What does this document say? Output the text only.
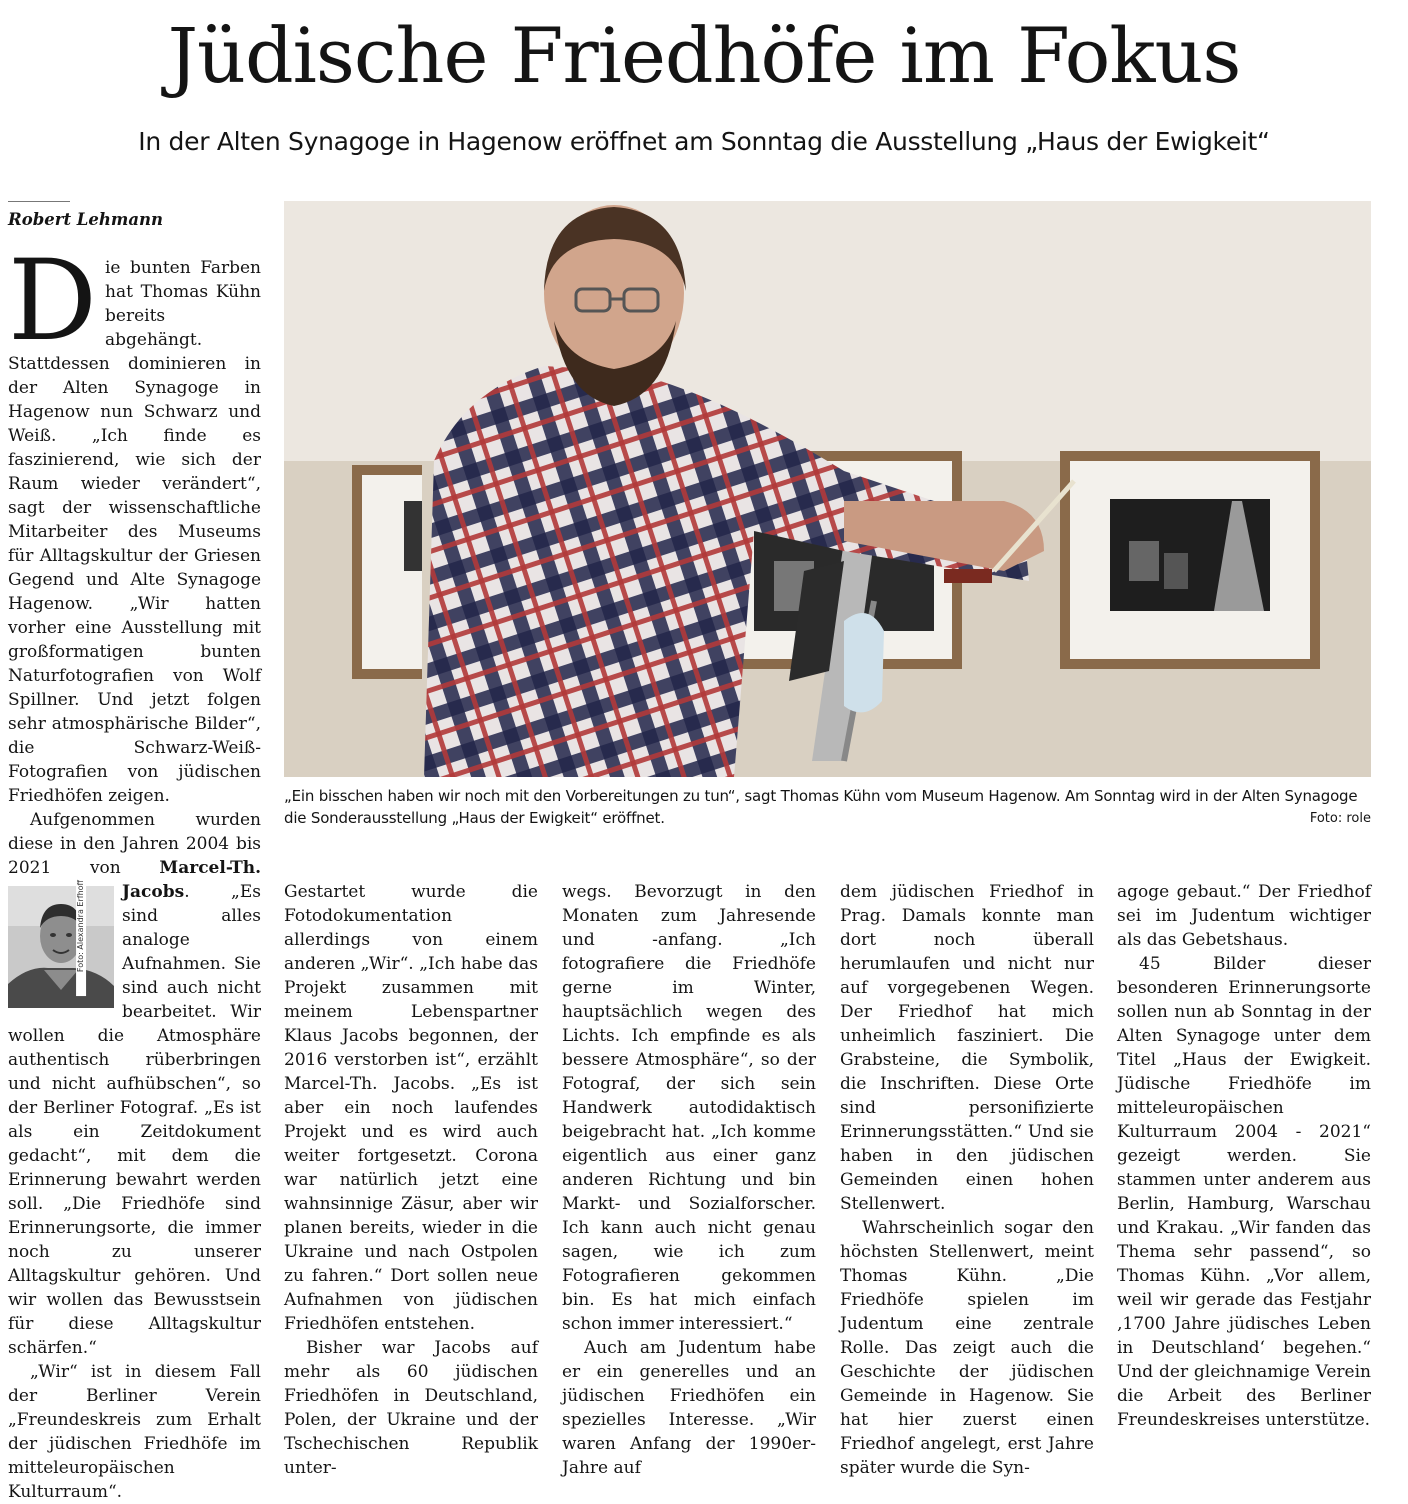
Jüdische Friedhöfe im Fokus
In der Alten Synagoge in Hagenow eröffnet am Sonntag die Ausstellung „Haus der Ewigkeit“

Robert Lehmann

Die bunten Farben hat Thomas Kühn bereits abgehängt. Stattdessen dominieren in der Alten Synagoge in Hagenow nun Schwarz und Weiß. „Ich finde es faszinierend, wie sich der Raum wieder verändert“, sagt der wissenschaftliche Mitarbeiter des Museums für Alltagskultur der Griesen Gegend und Alte Synagoge Hagenow. „Wir hatten vorher eine Ausstellung mit großformatigen bunten Naturfotografien von Wolf Spillner. Und jetzt folgen sehr atmosphärische Bilder“, die Schwarz-Weiß-Fotografien von jüdischen Friedhöfen zeigen.

Aufgenommen wurden diese in den Jahren 2004 bis 2021 von Marcel-Th. Jacobs
Foto: Alexandra Erfhoff	. „Es sind alles analoge Aufnahmen. Sie sind auch nicht bearbeitet. Wir wollen die Atmosphäre authentisch rüberbringen und nicht aufhübschen“, so der Berliner Fotograf. „Es ist als ein Zeitdokument gedacht“, mit dem die Erinnerung bewahrt werden soll. „Die Friedhöfe sind Erinnerungsorte, die immer noch zu unserer Alltagskultur gehören. Und wir wollen das Bewusstsein für diese Alltagskultur schärfen.“

„Wir“ ist in diesem Fall der Berliner Verein „Freundeskreis zum Erhalt der jüdischen Friedhöfe im mitteleuropäischen Kulturraum“.

„Ein bisschen haben wir noch mit den Vorbereitungen zu tun“, sagt Thomas Kühn vom Museum Hagenow. Am Sonntag wird in der Alten Synagoge die Sonderausstellung „Haus der Ewigkeit“ eröffnet.	Foto: role

Gestartet wurde die Fotodokumentation allerdings von einem anderen „Wir“. „Ich habe das Projekt zusammen mit meinem Lebenspartner Klaus Jacobs begonnen, der 2016 verstorben ist“, erzählt Marcel-Th. Jacobs. „Es ist aber ein noch laufendes Projekt und es wird auch weiter fortgesetzt. Corona war natürlich jetzt eine wahnsinnige Zäsur, aber wir planen bereits, wieder in die Ukraine und nach Ostpolen zu fahren.“ Dort sollen neue Aufnahmen von jüdischen Friedhöfen entstehen.

Bisher war Jacobs auf mehr als 60 jüdischen Friedhöfen in Deutschland, Polen, der Ukraine und der Tschechischen Republik unter-

wegs. Bevorzugt in den Monaten zum Jahresende und -anfang. „Ich fotografiere die Friedhöfe gerne im Winter, hauptsächlich wegen des Lichts. Ich empfinde es als bessere Atmosphäre“, so der Fotograf, der sich sein Handwerk autodidaktisch beigebracht hat. „Ich komme eigentlich aus einer ganz anderen Richtung und bin Markt- und Sozialforscher. Ich kann auch nicht genau sagen, wie ich zum Fotografieren gekommen bin. Es hat mich einfach schon immer interessiert.“

Auch am Judentum habe er ein generelles und an jüdischen Friedhöfen ein spezielles Interesse. „Wir waren Anfang der 1990er-Jahre auf

dem jüdischen Friedhof in Prag. Damals konnte man dort noch überall herumlaufen und nicht nur auf vorgegebenen Wegen. Der Friedhof hat mich unheimlich fasziniert. Die Grabsteine, die Symbolik, die Inschriften. Diese Orte sind personifizierte Erinnerungsstätten.“ Und sie haben in den jüdischen Gemeinden einen hohen Stellenwert.

Wahrscheinlich sogar den höchsten Stellenwert, meint Thomas Kühn. „Die Friedhöfe spielen im Judentum eine zentrale Rolle. Das zeigt auch die Geschichte der jüdischen Gemeinde in Hagenow. Sie hat hier zuerst einen Friedhof angelegt, erst Jahre später wurde die Syn-

agoge gebaut.“ Der Friedhof sei im Judentum wichtiger als das Gebetshaus.

45 Bilder dieser besonderen Erinnerungsorte sollen nun ab Sonntag in der Alten Synagoge unter dem Titel „Haus der Ewigkeit. Jüdische Friedhöfe im mitteleuropäischen Kulturraum 2004 - 2021“ gezeigt werden. Sie stammen unter anderem aus Berlin, Hamburg, Warschau und Krakau. „Wir fanden das Thema sehr passend“, so Thomas Kühn. „Vor allem, weil wir gerade das Festjahr ‚1700 Jahre jüdisches Leben in Deutschland‘ begehen.“ Und der gleichnamige Verein die Arbeit des Berliner Freundeskreises unterstütze.
